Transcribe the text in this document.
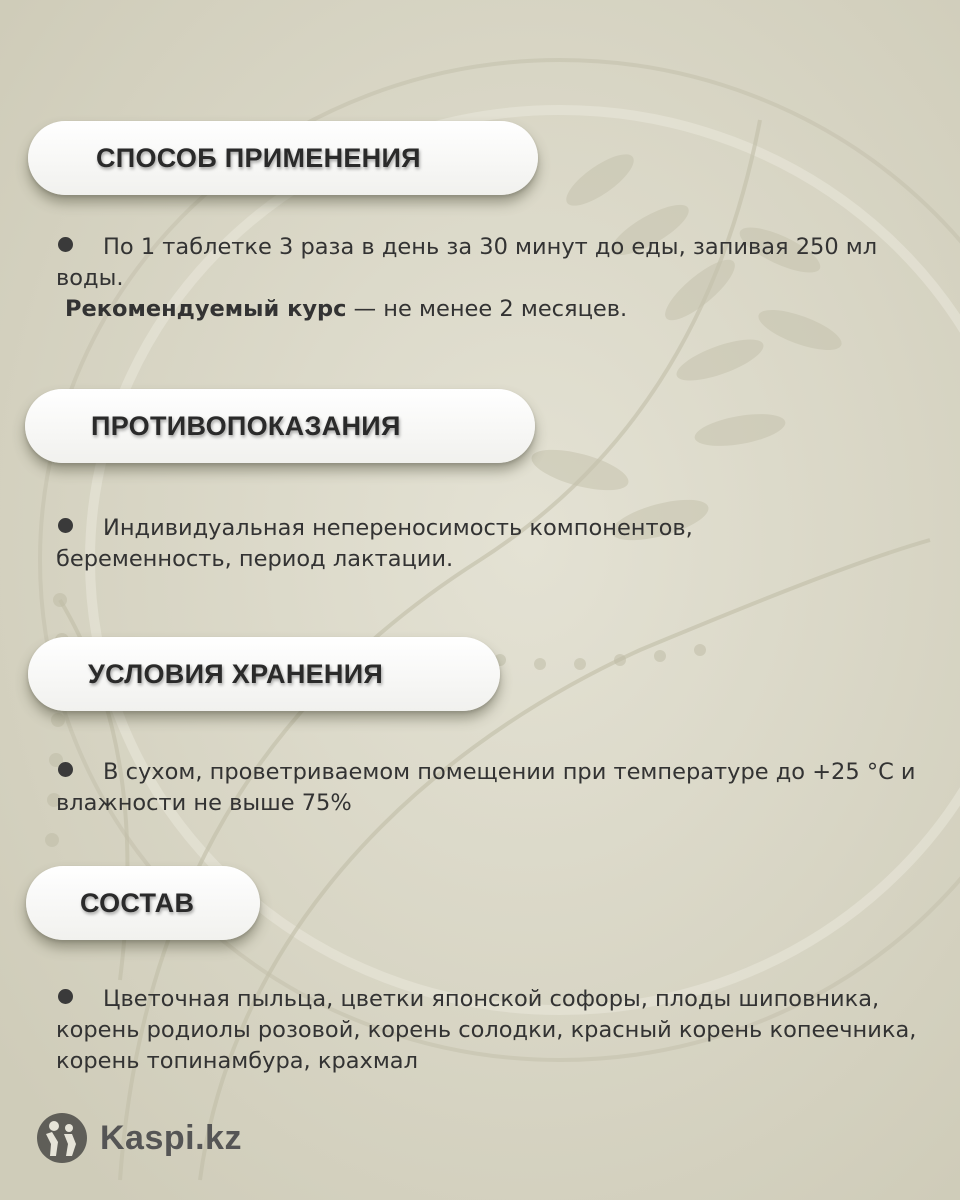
СПОСОБ ПРИМЕНЕНИЯ
По 1 таблетке 3 раза в день за 30 минут до еды, запивая 250 мл воды.
Рекомендуемый курс — не менее 2 месяцев.
ПРОТИВОПОКАЗАНИЯ
Индивидуальная непереносимость компонентов, беременность, период лактации.
УСЛОВИЯ ХРАНЕНИЯ
В сухом, проветриваемом помещении при температуре до +25 °С и влажности не выше 75%
СОСТАВ
Цветочная пыльца, цветки японской софоры, плоды шиповника, корень родиолы розовой, корень солодки, красный корень копеечника, корень топинамбура, крахмал
Kaspi.kz
